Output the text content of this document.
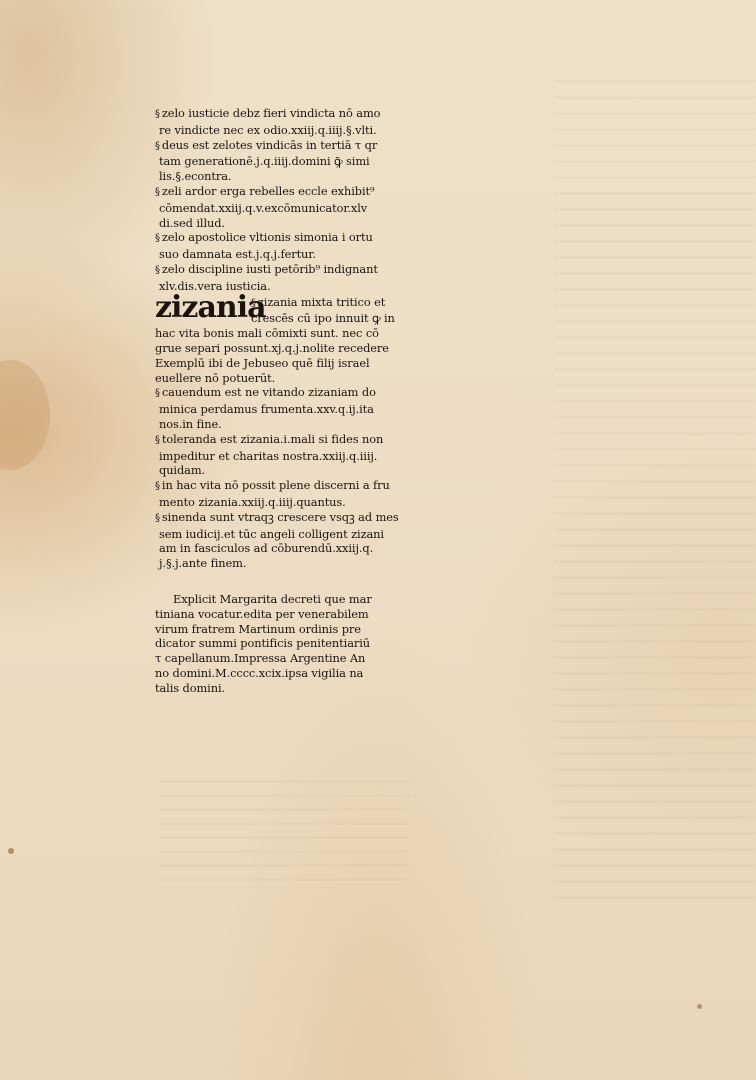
§ zelo iusticie debz fieri vindicta nō amo
re vindicte nec ex odio.xxiij.q.iiij.§.vlti.
§ deus est zelotes vindicās in tertiā τ qr
tam generationē.j.q.iiij.domini ꝙ̄ simi
lis.§.econtra.
§ zeli ardor erga rebelles eccle exhibit⁹
cōmendat.xxiij.q.v.excōmunicator.xlv
di.sed illud.
§ zelo apostolice vltionis simonia i ortu
suo damnata est.j.q.j.fertur.
§ zelo discipline iusti petōrib⁹ indignant
xlv.dis.vera iusticia.
zizania
§ zizania mixta tritico et
crescēs cū ipo innuit ꝙ in
hac vita bonis mali cōmixti sunt. nec cō
grue separi possunt.xj.q.j.nolite recedere
Exemplū ibi de Jebuseo quē filij israel
euellere nō potuerūt.
§ cauendum est ne vitando zizaniam do
minica perdamus frumenta.xxv.q.ij.ita
nos.in fine.
§ toleranda est zizania.i.mali si fides non
impeditur et charitas nostra.xxiij.q.iiij.
quidam.
§ in hac vita nō possit plene discerni a fru
mento zizania.xxiij.q.iiij.quantus.
§ sinenda sunt vtraqꝫ crescere vsqꝫ ad mes
sem iudicij.et tūc angeli colligent zizani
am in fasciculos ad cōburendū.xxiij.q.
j.§.j.ante finem.
Explicit Margarita decreti que mar
tiniana vocatur.edita per venerabilem
virum fratrem Martinum ordinis pre
dicator summi pontificis penitentiariū
τ capellanum.Impressa Argentine An
no domini.M.cccc.xcix.ipsa vigilia na
talis domini.
